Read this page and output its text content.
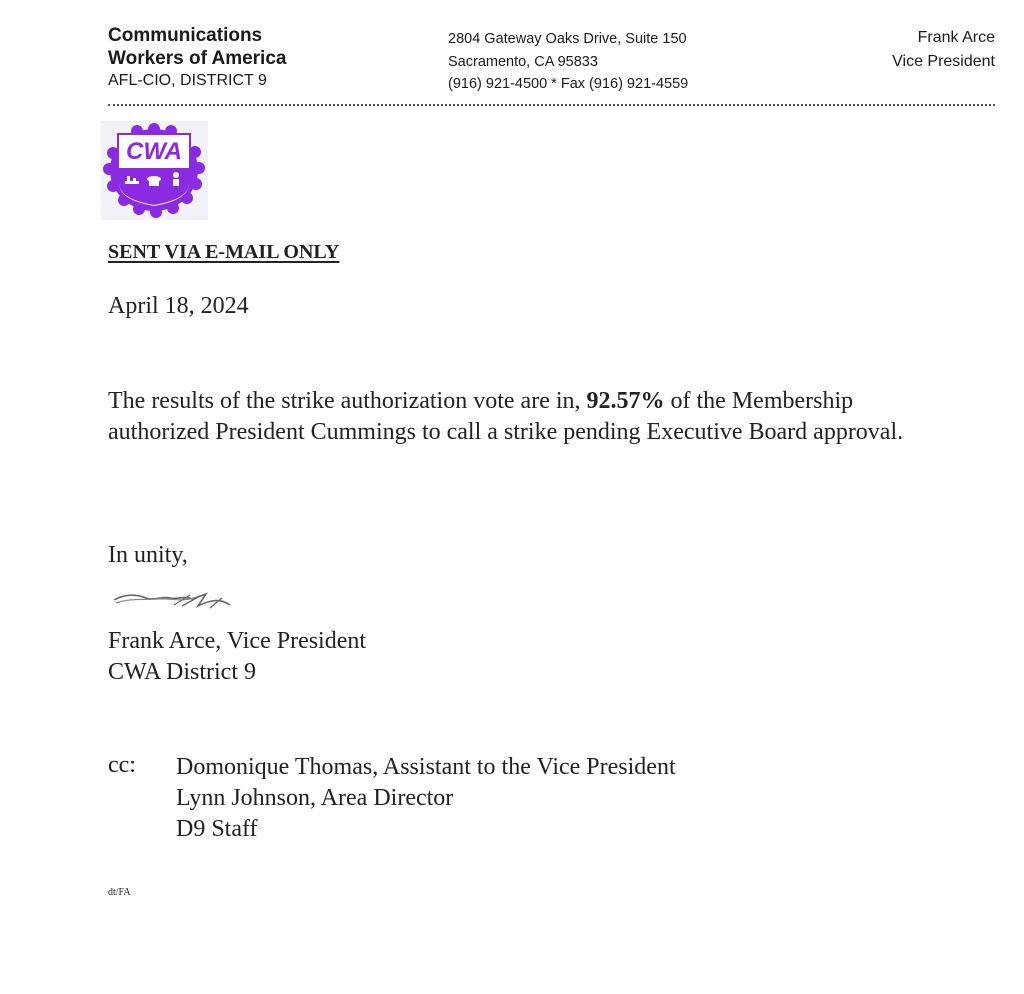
Communications
Workers of America
AFL-CIO, DISTRICT 9
2804 Gateway Oaks Drive, Suite 150
Sacramento, CA 95833
(916) 921-4500 * Fax (916) 921-4559
Frank Arce
Vice President
CWA
SENT VIA E-MAIL ONLY
April 18, 2024
The results of the strike authorization vote are in, 92.57% of the Membership authorized President Cummings to call a strike pending Executive Board approval.
In unity,
Frank Arce, Vice President
CWA District 9
cc: Domonique Thomas, Assistant to the Vice President
Lynn Johnson, Area Director
D9 Staff
dt/FA
